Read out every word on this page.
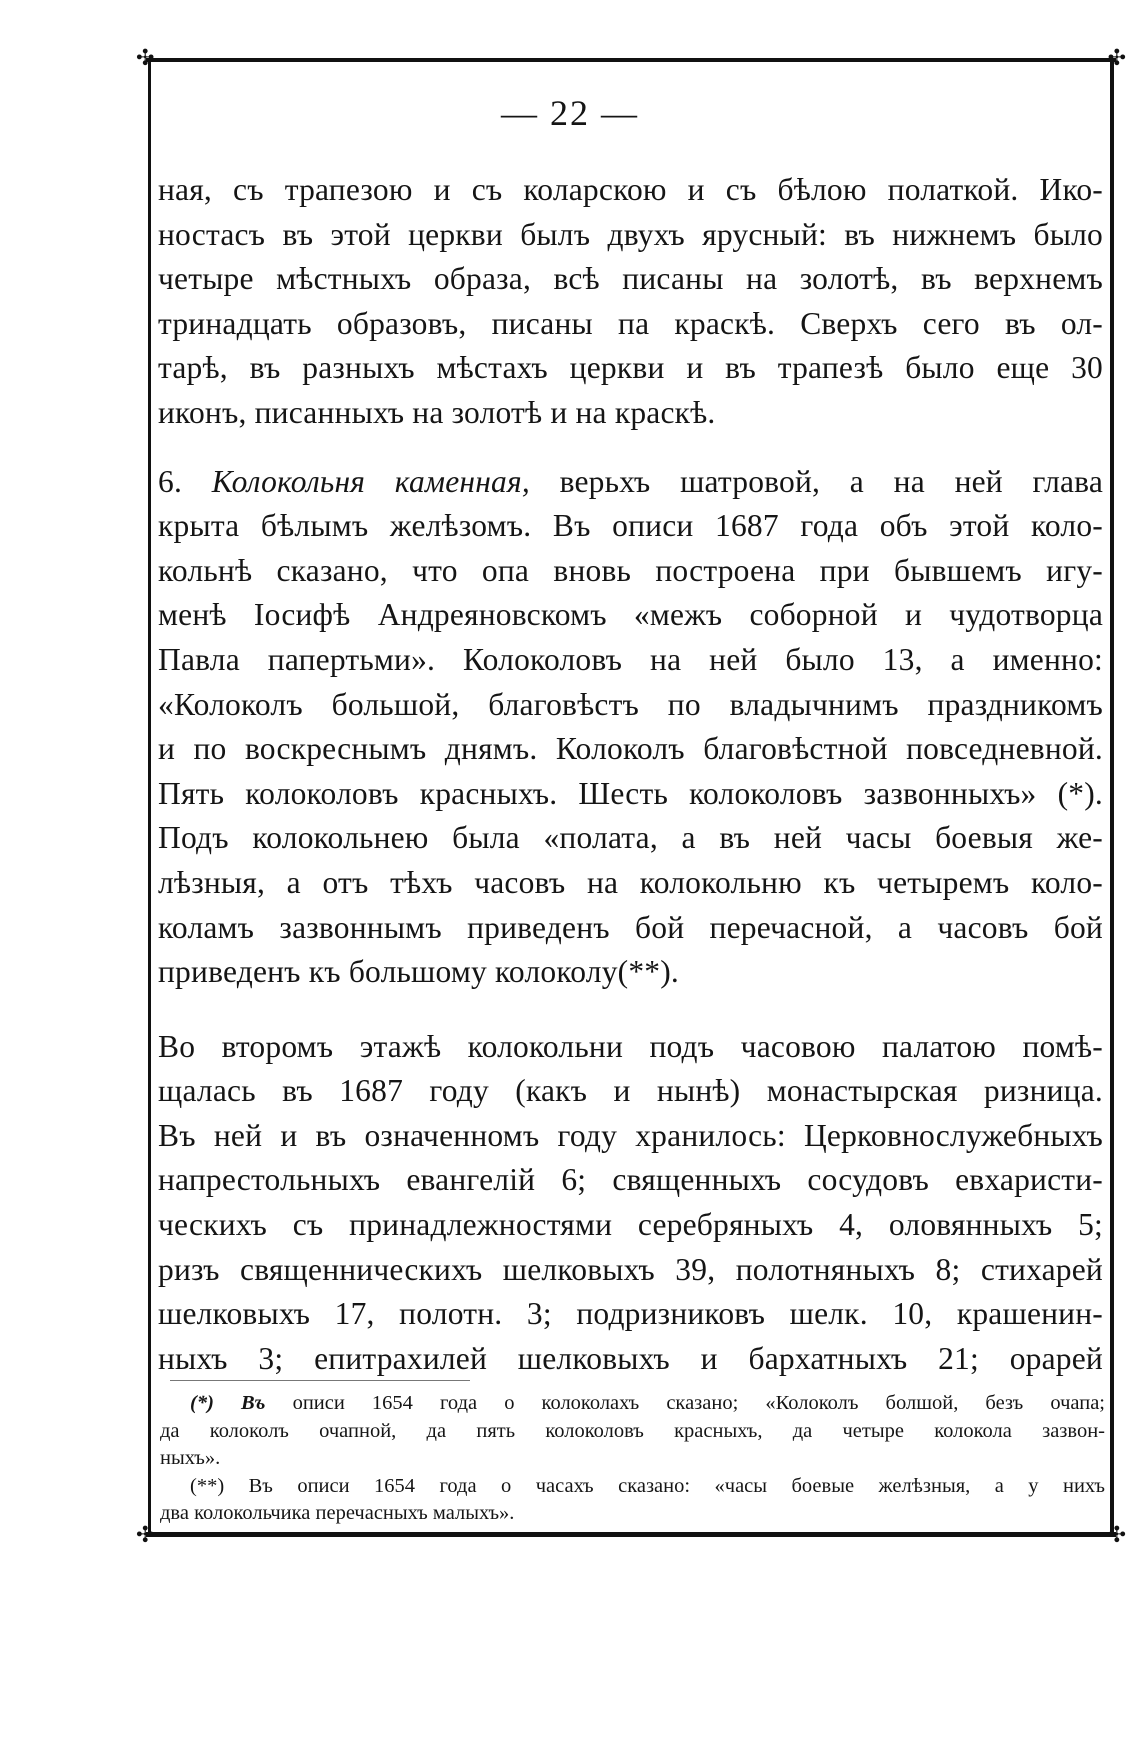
✣	✣
✣	✣
— 22 —
ная, съ трапезою и съ коларскою и съ бѣлою полаткой. Ико-
ностасъ въ этой церкви былъ двухъ ярусный: въ нижнемъ было
четыре мѣстныхъ образа, всѣ писаны на золотѣ, въ верхнемъ
тринадцать образовъ, писаны па краскѣ. Сверхъ сего въ ол-
тарѣ, въ разныхъ мѣстахъ церкви и въ трапезѣ было еще 30
иконъ, писанныхъ на золотѣ и на краскѣ.
6. Колокольня каменная, верьхъ шатровой, а на ней глава
крыта бѣлымъ желѣзомъ. Въ описи 1687 года объ этой коло-
кольнѣ сказано, что опа вновь построена при бывшемъ игу-
менѣ Іосифѣ Андреяновскомъ «межъ соборной и чудотворца
Павла папертьми». Колоколовъ на ней было 13, а именно:
«Колоколъ большой, благовѣстъ по владычнимъ праздникомъ
и по воскреснымъ днямъ. Колоколъ благовѣстной повседневной.
Пять колоколовъ красныхъ. Шесть колоколовъ зазвонныхъ» (*).
Подъ колокольнею была «полата, а въ ней часы боевыя же-
лѣзныя, а отъ тѣхъ часовъ на колокольню къ четыремъ коло-
коламъ зазвоннымъ приведенъ бой перечасной, а часовъ бой
приведенъ къ большому колоколу(**).
Во второмъ этажѣ колокольни подъ часовою палатою помѣ-
щалась въ 1687 году (какъ и нынѣ) монастырская ризница.
Въ ней и въ означенномъ году хранилось: Церковнослужебныхъ
напрестольныхъ евангелій 6; священныхъ сосудовъ евхаристи-
ческихъ съ принадлежностями серебряныхъ 4, оловянныхъ 5;
ризъ священническихъ шелковыхъ 39, полотняныхъ 8; стихарей
шелковыхъ 17, полотн. 3; подризниковъ шелк. 10, крашенин-
ныхъ 3; епитрахилей шелковыхъ и бархатныхъ 21; орарей
(*) Въ описи 1654 года о колоколахъ сказано; «Колоколъ болшой, безъ очапа;
да колоколъ очапной, да пять колоколовъ красныхъ, да четыре колокола зазвон-
ныхъ».
(**) Въ описи 1654 года о часахъ сказано: «часы боевые желѣзныя, а у нихъ
два колокольчика перечасныхъ малыхъ».
